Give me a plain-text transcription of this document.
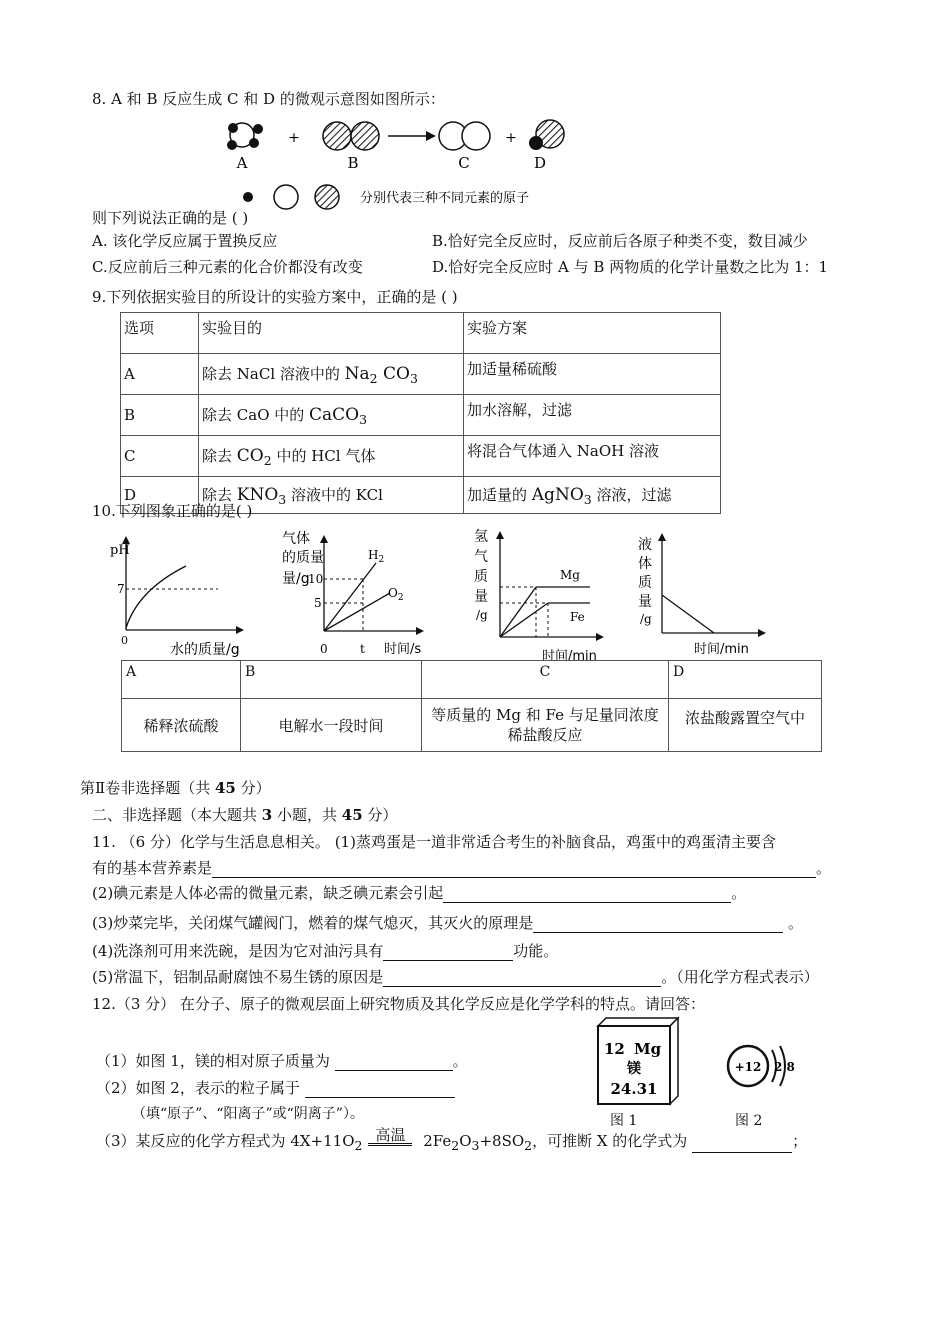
8. A 和 B 反应生成 C 和 D 的微观示意图如图所示：
A
+
B	C
+
D
分别代表三种不同元素的原子
则下列说法正确的是 ( )
A. 该化学反应属于置换反应	B.恰好完全反应时，反应前后各原子种类不变，数目减少
C.反应前后三种元素的化合价都没有改变	D.恰好完全反应时 A 与 B 两物质的化学计量数之比为 1：1
9.下列依据实验目的所设计的实验方案中，正确的是 ( )
选项	实验目的	实验方案
A	除去 NaCl 溶液中的 $Na_2$ $CO_3$	加适量稀硫酸
B	除去 CaO 中的 CaCO$_3$	加水溶解，过滤
C	除去 $CO_2$ 中的 HCl 气体	将混合气体通入 NaOH 溶液
D	除去 $KNO_3$ 溶液中的 KCl	加适量的 AgNO$_3$ 溶液，过滤
10.下列图象正确的是( )
pH
7
0
水的质量/g
气体
的质量
量/g
10
5
$H_2$
$O_2$
0	t 时间/s
氢
气
质
量
/g
Mg
Fe
时间/min
液
体
质
量
/g
时间/min
A	B	C	D
稀释浓硫酸	电解水一段时间	等质量的 Mg 和 Fe 与足量同浓度稀盐酸反应	浓盐酸露置空气中
第Ⅱ卷非选择题（共 45 分）
二、非选择题（本大题共 3 小题，共 45 分）
11. （6 分）化学与生活息息相关。 (1)蒸鸡蛋是一道非常适合考生的补脑食品，鸡蛋中的鸡蛋清主要含
有的基本营养素是	。
(2)碘元素是人体必需的微量元素，缺乏碘元素会引起	。
(3)炒菜完毕，关闭煤气罐阀门，燃着的煤气熄灭，其灭火的原理是	。
(4)洗涤剂可用来洗碗，是因为它对油污具有	功能。
(5)常温下，铝制品耐腐蚀不易生锈的原因是	。（用化学方程式表示）
12.（3 分） 在分子、原子的微观层面上研究物质及其化学反应是化学学科的特点。请回答：
（1）如图 1，镁的相对原子质量为	。
（2）如图 2，表示的粒子属于
（填“原子”、“阳离子”或“阴离子”）。
（3）某反应的化学方程式为 $4X+11O_2$高温 $2Fe_2O_3+8SO_2$，可推断 X 的化学式为	；
12 Mg
镁
24.31
图 1
+12 2 8
图 2
